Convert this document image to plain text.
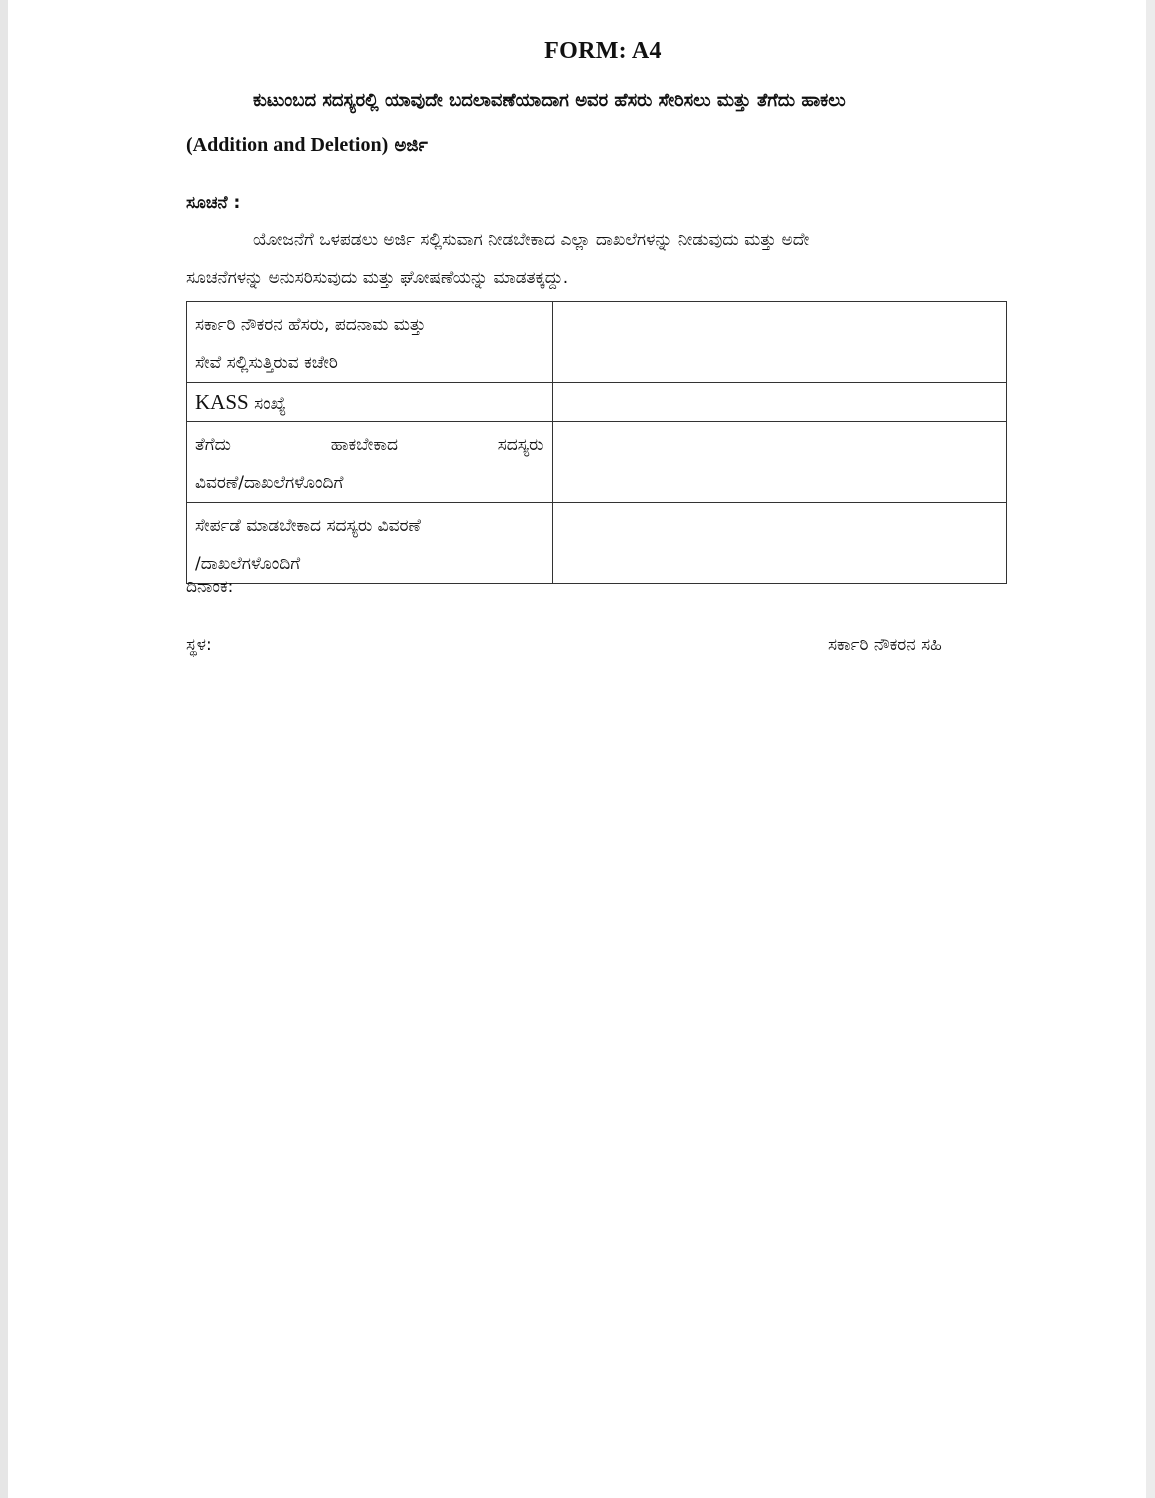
FORM: A4
ಕುಟುಂಬದ ಸದಸ್ಯರಲ್ಲಿ ಯಾವುದೇ ಬದಲಾವಣೆಯಾದಾಗ ಅವರ ಹೆಸರು ಸೇರಿಸಲು ಮತ್ತು ತೆಗೆದು ಹಾಕಲು
(Addition and Deletion) ಅರ್ಜಿ
ಸೂಚನೆ :
ಯೋಜನೆಗೆ ಒಳಪಡಲು ಅರ್ಜಿ ಸಲ್ಲಿಸುವಾಗ ನೀಡಬೇಕಾದ ಎಲ್ಲಾ ದಾಖಲೆಗಳನ್ನು ನೀಡುವುದು ಮತ್ತು ಅದೇ
ಸೂಚನೆಗಳನ್ನು ಅನುಸರಿಸುವುದು ಮತ್ತು ಘೋಷಣೆಯನ್ನು ಮಾಡತಕ್ಕದ್ದು.
ಸರ್ಕಾರಿ ನೌಕರನ ಹೆಸರು, ಪದನಾಮ ಮತ್ತು
ಸೇವೆ ಸಲ್ಲಿಸುತ್ತಿರುವ ಕಚೇರಿ	

KASS ಸಂಖ್ಯೆ	

ತೆಗೆದು ಹಾಕಬೇಕಾದ ಸದಸ್ಯರು
ವಿವರಣೆ/ದಾಖಲೆಗಳೊಂದಿಗೆ	

ಸೇರ್ಪಡೆ ಮಾಡಬೇಕಾದ ಸದಸ್ಯರು ವಿವರಣೆ
/ದಾಖಲೆಗಳೊಂದಿಗೆ	

ದಿನಾಂಕ:
ಸ್ಥಳ:	ಸರ್ಕಾರಿ ನೌಕರನ ಸಹಿ
